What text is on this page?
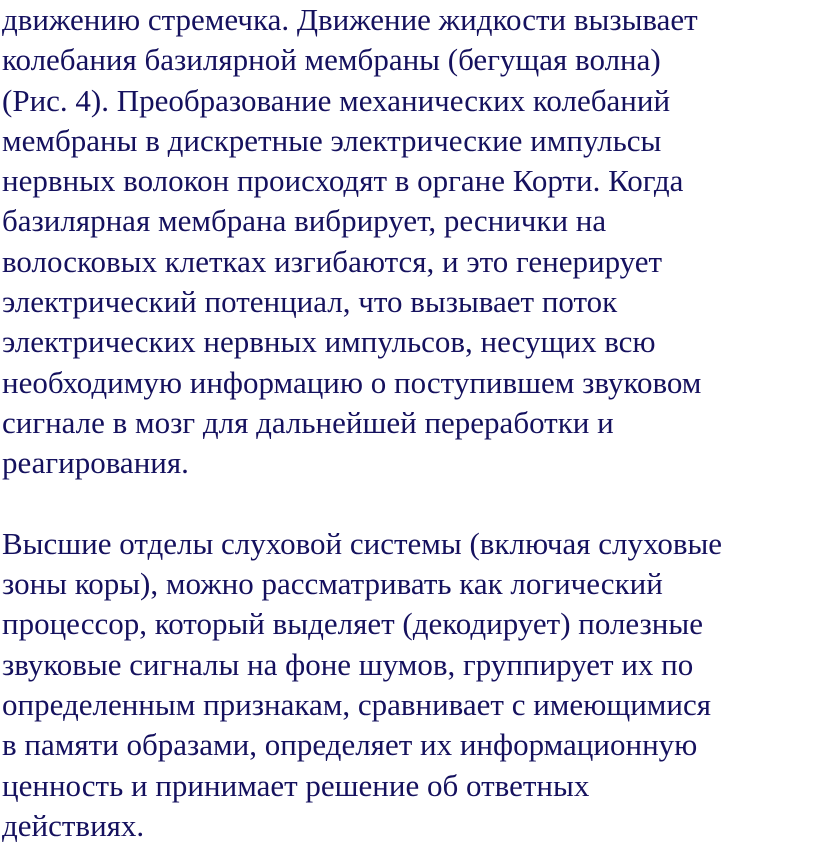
движению стремечка. Движение жидкости вызывает
колебания базилярной мембраны (бегущая волна)
(Рис. 4). Преобразование механических колебаний
мембраны в дискретные электрические импульсы
нервных волокон происходят в органе Корти. Когда
базилярная мембрана вибрирует, реснички на
волосковых клетках изгибаются, и это генерирует
электрический потенциал, что вызывает поток
электрических нервных импульсов, несущих всю
необходимую информацию о поступившем звуковом
сигнале в мозг для дальнейшей переработки и
реагирования.

Высшие отделы слуховой системы (включая слуховые
зоны коры), можно рассматривать как логический
процессор, который выделяет (декодирует) полезные
звуковые сигналы на фоне шумов, группирует их по
определенным признакам, сравнивает с имеющимися
в памяти образами, определяет их информационную
ценность и принимает решение об ответных
действиях.
